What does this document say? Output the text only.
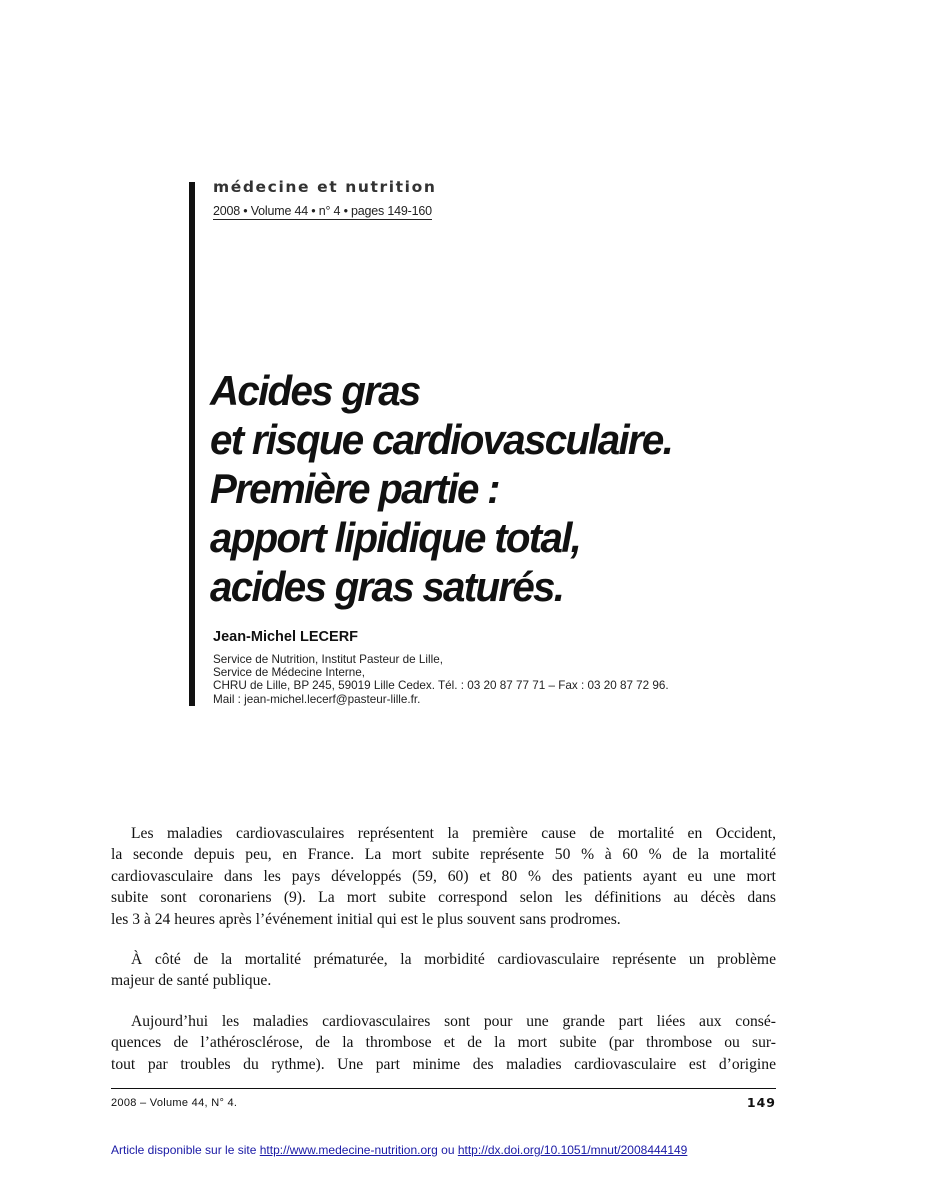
médecine et nutrition
2008 • Volume 44 • n° 4 • pages 149-160
Acides gras
et risque cardiovasculaire.
Première partie :
apport lipidique total,
acides gras saturés.
Jean-Michel LECERF
Service de Nutrition, Institut Pasteur de Lille,
Service de Médecine Interne,
CHRU de Lille, BP 245, 59019 Lille Cedex. Tél. : 03 20 87 77 71 – Fax : 03 20 87 72 96.
Mail : jean-michel.lecerf@pasteur-lille.fr.

Les maladies cardiovasculaires représentent la première cause de mortalité en Occident,
la seconde depuis peu, en France. La mort subite représente 50 % à 60 % de la mortalité
cardiovasculaire dans les pays développés (59, 60) et 80 % des patients ayant eu une mort
subite sont coronariens (9). La mort subite correspond selon les définitions au décès dans
les 3 à 24 heures après l’événement initial qui est le plus souvent sans prodromes.

À côté de la mortalité prématurée, la morbidité cardiovasculaire représente un problème
majeur de santé publique.

Aujourd’hui les maladies cardiovasculaires sont pour une grande part liées aux consé-
quences de l’athérosclérose, de la thrombose et de la mort subite (par thrombose ou sur-
tout par troubles du rythme). Une part minime des maladies cardiovasculaire est d’origine

2008 – Volume 44, N° 4.	149
Article disponible sur le site http://www.medecine-nutrition.org ou http://dx.doi.org/10.1051/mnut/2008444149
